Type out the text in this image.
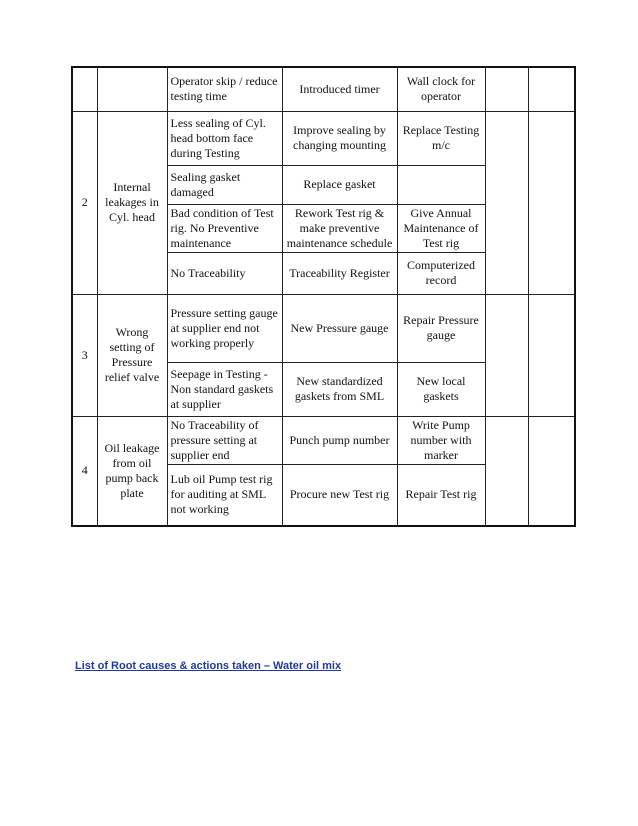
		Operator skip / reduce testing time	Introduced timer	Wall clock for operator		
2	Internal leakages in Cyl. head	Less sealing of Cyl. head bottom face during Testing	Improve sealing by changing mounting	Replace Testing m/c		
		Sealing gasket damaged	Replace gasket			
		Bad condition of Test rig. No Preventive maintenance	Rework Test rig & make preventive maintenance schedule	Give Annual Maintenance of Test rig		
		No Traceability	Traceability Register	Computerized record		
3	Wrong setting of Pressure relief valve	Pressure setting gauge at supplier end not working properly	New Pressure gauge	Repair Pressure gauge		
		Seepage in Testing - Non standard gaskets at supplier	New standardized gaskets from SML	New local gaskets		
4	Oil leakage from oil pump back plate	No Traceability of pressure setting at supplier end	Punch pump number	Write Pump number with marker		
		Lub oil Pump test rig for auditing at SML not working	Procure new Test rig	Repair Test rig		
List of Root causes & actions taken – Water oil mix
